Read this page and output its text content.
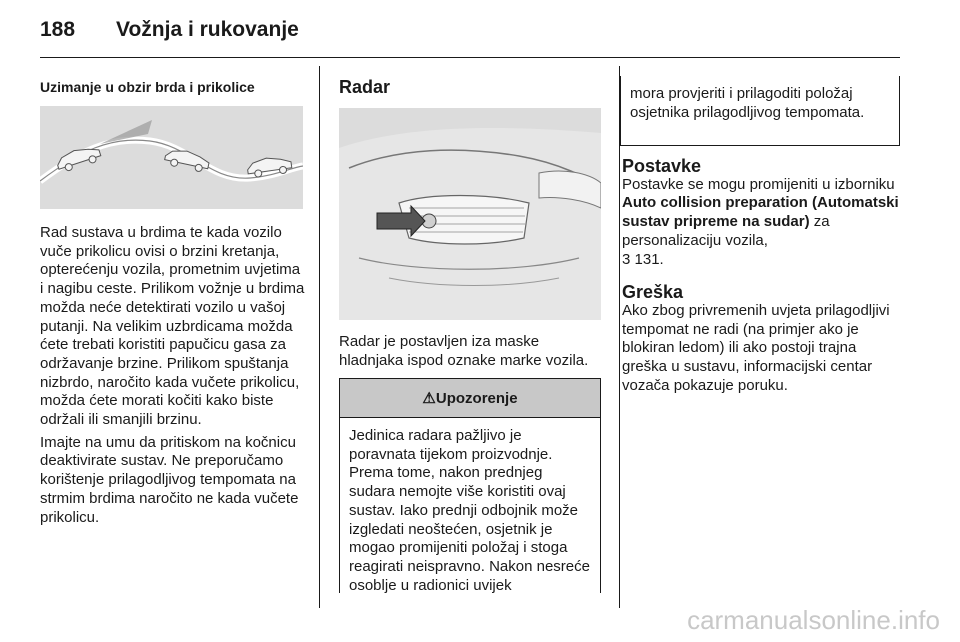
188	Vožnja i rukovanje
Uzimanje u obzir brda i prikolice

Rad sustava u brdima te kada vozilo vuče prikolicu ovisi o brzini kretanja, opterećenju vozila, prometnim uvjetima i nagibu ceste. Prilikom vožnje u brdima možda neće detektirati vozilo u vašoj putanji. Na velikim uzbrdicama možda ćete trebati koristiti papučicu gasa za održavanje brzine. Prilikom spuštanja nizbrdo, naročito kada vučete prikolicu, možda ćete morati kočiti kako biste održali ili smanjili brzinu.

Imajte na umu da pritiskom na kočnicu deaktivirate sustav. Ne preporučamo korištenje prilagodljivog tempomata na strmim brdima naročito ne kada vučete prikolicu.

Radar
Radar je postavljen iza maske hladnjaka ispod oznake marke vozila.
⚠ Upozorenje
Jedinica radara pažljivo je poravnata tijekom proizvodnje. Prema tome, nakon prednjeg sudara nemojte više koristiti ovaj sustav. Iako prednji odbojnik može izgledati neoštećen, osjetnik je mogao promijeniti položaj i stoga reagirati neispravno. Nakon nesreće osoblje u radionici uvijek
mora provjeriti i prilagoditi položaj osjetnika prilagodljivog tempomata.
Postavke

Postavke se mogu promijeniti u izborniku Auto collision preparation (Automatski sustav pripreme na sudar) za personalizaciju vozila,
3 131.

Greška

Ako zbog privremenih uvjeta prilagodljivi tempomat ne radi (na primjer ako je blokiran ledom) ili ako postoji trajna greška u sustavu, informacijski centar vozača pokazuje poruku.

carmanualsonline.info
